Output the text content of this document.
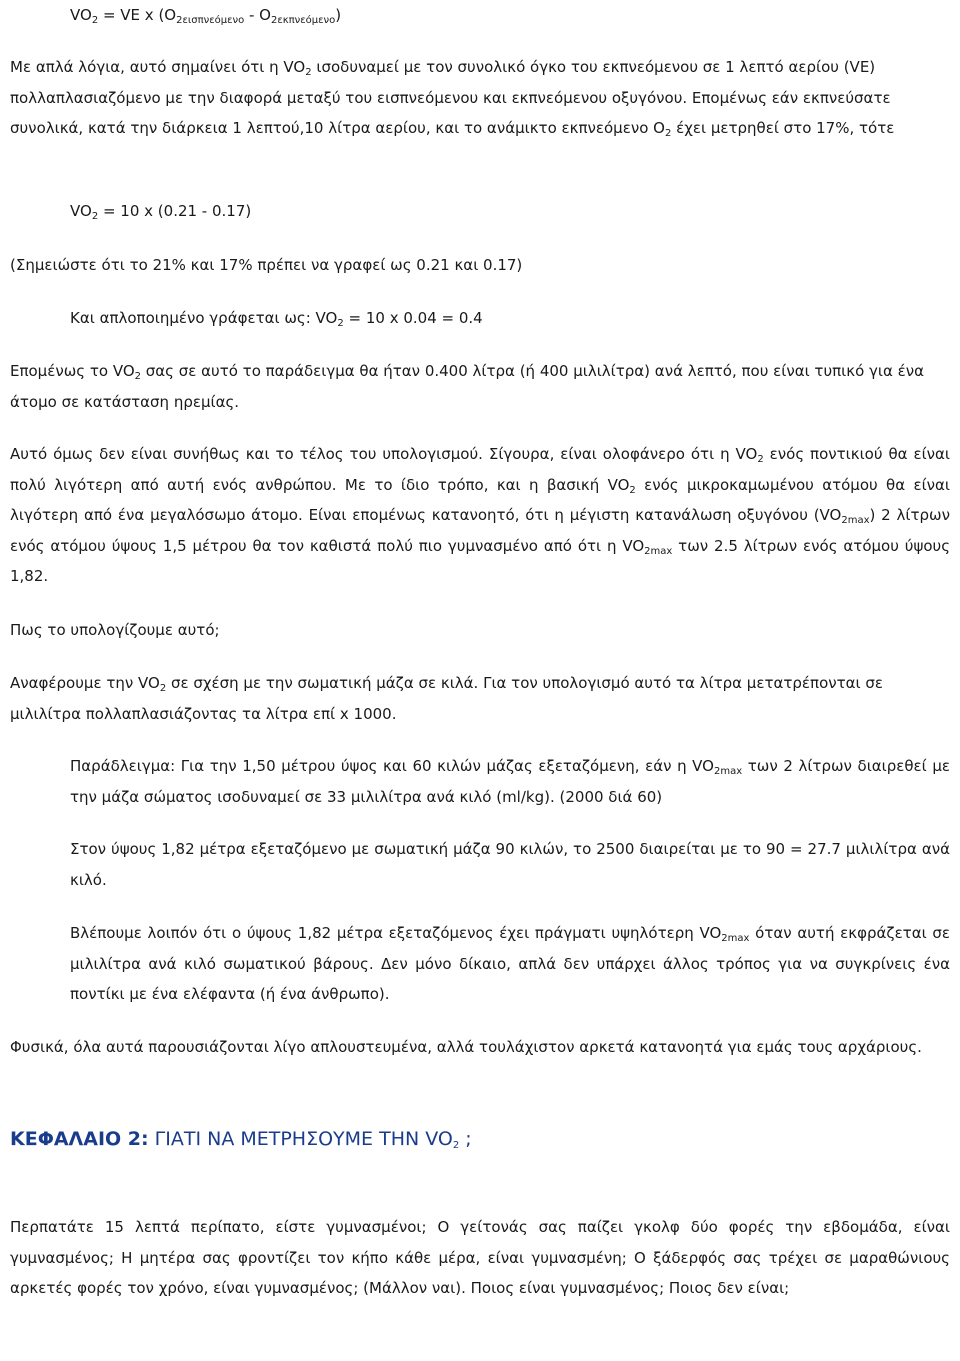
$VO_2$ = VE x $(O_{2\varepsilon\iota\sigma\pi\nu\varepsilon ό\mu\varepsilon\nu o} - O_{2\varepsilon\kappa\pi\nu\varepsilon ό\mu\varepsilon\nu o})$

Με απλά λόγια, αυτό σημαίνει ότι η $VO_2$ ισοδυναμεί με τον συνολικό όγκο του εκπνεόμενου σε 1 λεπτό αερίου (VE) πολλαπλασιαζόμενο με την διαφορά μεταξύ του εισπνεόμενου και εκπνεόμενου οξυγόνου. Επομένως εάν εκπνεύσατε συνολικά, κατά την διάρκεια 1 λεπτού,10 λίτρα αερίου, και το ανάμικτο εκπνεόμενο $O_2$ έχει μετρηθεί στο 17%, τότε

$VO_2 = 10$ x (0.21 - 0.17)

(Σημειώστε ότι το 21% και 17% πρέπει να γραφεί ως 0.21 και 0.17)

Και απλοποιημένο γράφεται ως: $VO_2 = 10$ x 0.04 = 0.4

Επομένως το $VO_2$ σας σε αυτό το παράδειγμα θα ήταν 0.400 λίτρα (ή 400 μιλιλίτρα) ανά λεπτό, που είναι τυπικό για ένα άτομο σε κατάσταση ηρεμίας.

Αυτό όμως δεν είναι συνήθως και το τέλος του υπολογισμού. Σίγουρα, είναι ολοφάνερο ότι η $VO_2$ ενός ποντικιού θα είναι πολύ λιγότερη από αυτή ενός ανθρώπου. Με το ίδιο τρόπο, και η βασική $VO_2$ ενός μικροκαμωμένου ατόμου θα είναι λιγότερη από ένα μεγαλόσωμο άτομο. Είναι επομένως κατανοητό, ότι η μέγιστη κατανάλωση οξυγόνου $(VO_{2max})$ 2 λίτρων ενός ατόμου ύψους 1,5 μέτρου θα τον καθιστά πολύ πιο γυμνασμένο από ότι η $VO_{2max}$ των 2.5 λίτρων ενός ατόμου ύψους 1,82.

Πως το υπολογίζουμε αυτό;

Αναφέρουμε την $VO_2$ σε σχέση με την σωματική μάζα σε κιλά. Για τον υπολογισμό αυτό τα λίτρα μετατρέπονται σε μιλιλίτρα πολλαπλασιάζοντας τα λίτρα επί x 1000.

Παράδλειγμα: Για την 1,50 μέτρου ύψος και 60 κιλών μάζας εξεταζόμενη, εάν η $VO_{2max}$ των 2 λίτρων διαιρεθεί με την μάζα σώματος ισοδυναμεί σε 33 μιλιλίτρα ανά κιλό (ml/kg). (2000 διά 60)

Στον ύψους 1,82 μέτρα εξεταζόμενο με σωματική μάζα 90 κιλών, το 2500 διαιρείται με το 90 = 27.7 μιλιλίτρα ανά κιλό.

Βλέπουμε λοιπόν ότι ο ύψους 1,82 μέτρα εξεταζόμενος έχει πράγματι υψηλότερη $VO_{2max}$ όταν αυτή εκφράζεται σε μιλιλίτρα ανά κιλό σωματικού βάρους. Δεν μόνο δίκαιο, απλά δεν υπάρχει άλλος τρόπος για να συγκρίνεις ένα ποντίκι με ένα ελέφαντα (ή ένα άνθρωπο).

Φυσικά, όλα αυτά παρουσιάζονται λίγο απλουστευμένα, αλλά τουλάχιστον αρκετά κατανοητά για εμάς τους αρχάριους.

ΚΕΦΑΛΑΙΟ 2: ΓΙΑΤΙ ΝΑ ΜΕΤΡΗΣΟΥΜΕ ΤΗΝ $VO_2$ ;

Περπατάτε 15 λεπτά περίπατο, είστε γυμνασμένοι; Ο γείτονάς σας παίζει γκολφ δύο φορές την εβδομάδα, είναι γυμνασμένος; Η μητέρα σας φροντίζει τον κήπο κάθε μέρα, είναι γυμνασμένη; Ο ξάδερφός σας τρέχει σε μαραθώνιους αρκετές φορές τον χρόνο, είναι γυμνασμένος; (Μάλλον ναι). Ποιος είναι γυμνασμένος; Ποιος δεν είναι;
